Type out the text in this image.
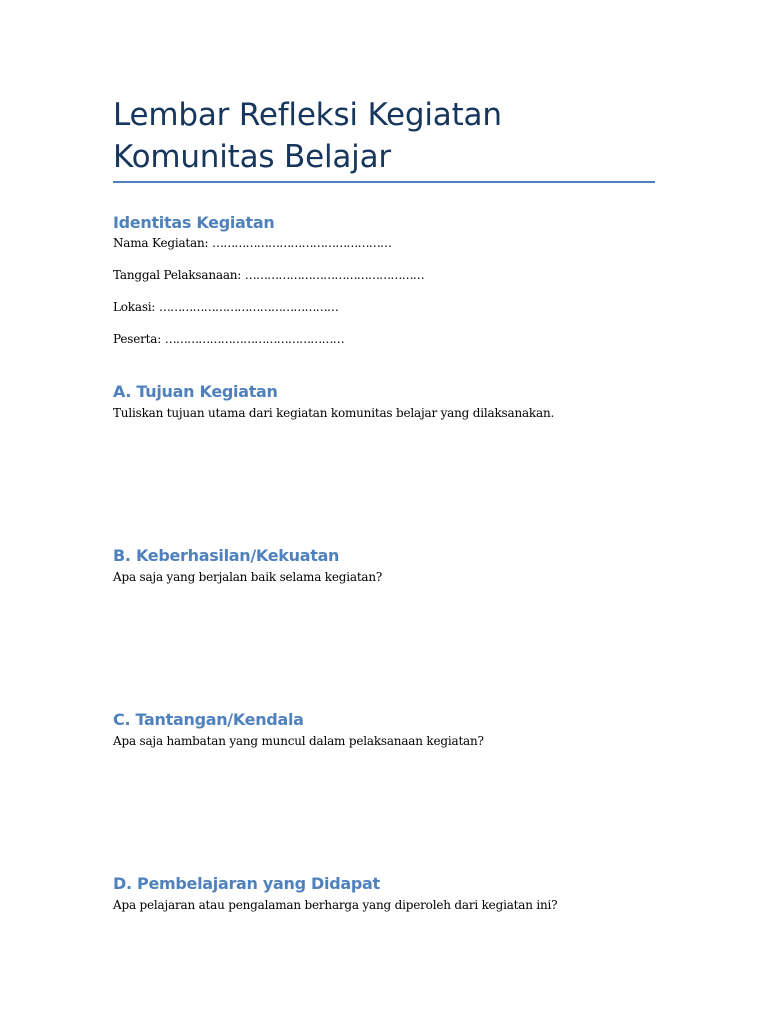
Lembar Refleksi Kegiatan Komunitas Belajar
Identitas Kegiatan

Nama Kegiatan: …………………………………………

Tanggal Pelaksanaan: …………………………………………

Lokasi: …………………………………………

Peserta: …………………………………………

A. Tujuan Kegiatan

Tuliskan tujuan utama dari kegiatan komunitas belajar yang dilaksanakan.

B. Keberhasilan/Kekuatan

Apa saja yang berjalan baik selama kegiatan?

C. Tantangan/Kendala

Apa saja hambatan yang muncul dalam pelaksanaan kegiatan?

D. Pembelajaran yang Didapat

Apa pelajaran atau pengalaman berharga yang diperoleh dari kegiatan ini?
